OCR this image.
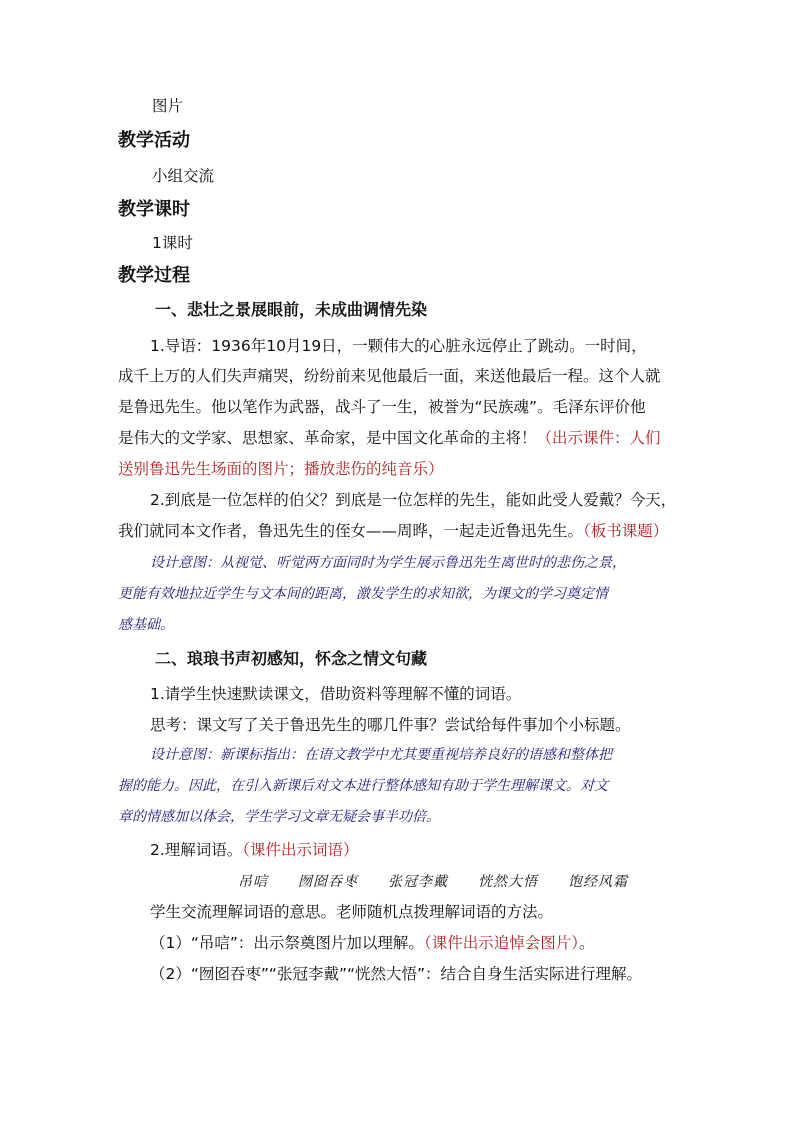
图片

教学活动

小组交流

教学课时

1课时

教学过程

一、悲壮之景展眼前，未成曲调情先染

1.导语：1936年10月19日，一颗伟大的心脏永远停止了跳动。一时间，

成千上万的人们失声痛哭，纷纷前来见他最后一面，来送他最后一程。这个人就

是鲁迅先生。他以笔作为武器，战斗了一生，被誉为“民族魂”。毛泽东评价他

是伟大的文学家、思想家、革命家，是中国文化革命的主将！（出示课件：人们

送别鲁迅先生场面的图片；播放悲伤的纯音乐）

2.到底是一位怎样的伯父？到底是一位怎样的先生，能如此受人爱戴？今天，

我们就同本文作者，鲁迅先生的侄女——周晔，一起走近鲁迅先生。（板书课题）

设计意图：从视觉、听觉两方面同时为学生展示鲁迅先生离世时的悲伤之景，

更能有效地拉近学生与文本间的距离，激发学生的求知欲，为课文的学习奠定情

感基础。

二、琅琅书声初感知，怀念之情文句藏

1.请学生快速默读课文，借助资料等理解不懂的词语。

思考：课文写了关于鲁迅先生的哪几件事？尝试给每件事加个小标题。

设计意图：新课标指出：在语文教学中尤其要重视培养良好的语感和整体把

握的能力。因此，在引入新课后对文本进行整体感知有助于学生理解课文。对文

章的情感加以体会，学生学习文章无疑会事半功倍。

2.理解词语。（课件出示词语）

吊唁　　囫囵吞枣　　张冠李戴　　恍然大悟　　饱经风霜

学生交流理解词语的意思。老师随机点拨理解词语的方法。

（1）“吊唁”：出示祭奠图片加以理解。（课件出示追悼会图片）。

（2）“囫囵吞枣”“张冠李戴”“恍然大悟”：结合自身生活实际进行理解。
